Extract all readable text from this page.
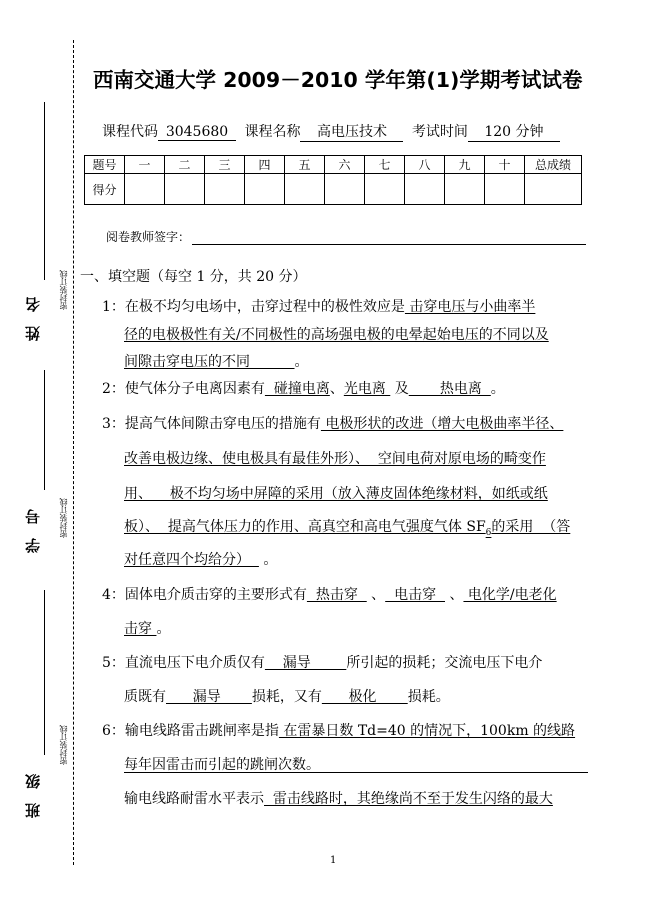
姓名 密封装订线
学号 密封装订线
班级
密封装订线
西南交通大学 2009－2010 学年第(1)学期考试试卷
课程代码 3045680 课程名称 高电压技术 考试时间 120 分钟
题号	一	二	三	四	五	六	七	八	九	十	总成绩
得分											
阅卷教师签字：
一、填空题（每空 1 分，共 20 分）
1：在极不均匀电场中，击穿过程中的极性效应是 击穿电压与小曲率半
径的电极极性有关/不同极性的高场强电极的电晕起始电压的不同以及
间隙击穿电压的不同          。
2：使气体分子电离因素有  碰撞电离、光电离  及       热电离  。
3：提高气体间隙击穿电压的措施有 电极形状的改进（增大电极曲率半径、
改善电极边缘、使电极具有最佳外形）、  空间电荷对原电场的畸变作
用、    极不均匀场中屏障的采用（放入薄皮固体绝缘材料，如纸或纸
板）、  提高气体压力的作用、高真空和高电气强度气体 $SF_6$的采用  （答
对任意四个均给分）   。
4：固体电介质击穿的主要形式有  热击穿   、  电击穿   、 电化学/电老化
击穿 。
5：直流电压下电介质仅有    漏导        所引起的损耗；交流电压下电介
质既有      漏导       损耗，又有      极化       损耗。
6：输电线路雷击跳闸率是指 在雷暴日数 Td=40 的情况下，100km 的线路
每年因雷击而引起的跳闸次数。
输电线路耐雷水平表示  雷击线路时，其绝缘尚不至于发生闪络的最大
1
